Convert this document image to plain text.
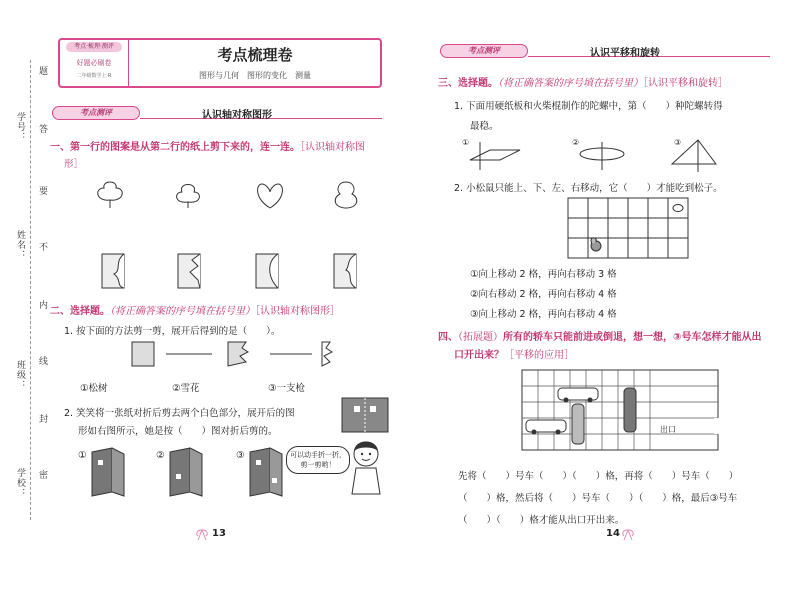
学号：
姓名：
班级：
学校：
题
答
要
不
内
线
封
密
考点·梳理·测评
好题必刷卷
二年级数学上·R
考点梳理卷
图形与几何　图形的变化　测量
考点测评	认识轴对称图形
一、第一行的图案是从第二行的纸上剪下来的，连一连。［认识轴对称图
形］
二、选择题。（将正确答案的序号填在括号里）［认识轴对称图形］
1. 按下面的方法剪一剪，展开后得到的是（　　）。
①松树	②雪花	③一支枪
2. 笑笑将一张纸对折后剪去两个白色部分，展开后的图
形如右图所示，她是按（　　）图对折后剪的。
①	②	③	可以动手折一折，剪一剪哟！
13
考点测评	认识平移和旋转
三、选择题。（将正确答案的序号填在括号里）［认识平移和旋转］
1. 下面用硬纸板和火柴棍制作的陀螺中，第（　　）种陀螺转得
最稳。
①	②	③
2. 小松鼠只能上、下、左、右移动，它（　　）才能吃到松子。
①向上移动 2 格，再向右移动 3 格
②向右移动 2 格，再向右移动 4 格
③向上移动 2 格，再向右移动 4 格
四、（拓展题）所有的轿车只能前进或倒退，想一想，③号车怎样才能从出
口开出来？［平移的应用］
出口
先将（　　）号车（　　）（　　）格，再将（　　）号车（　　）
（　　）格，然后将（　　）号车（　　）（　　）格，最后③号车
（　　）（　　）格才能从出口开出来。
14
